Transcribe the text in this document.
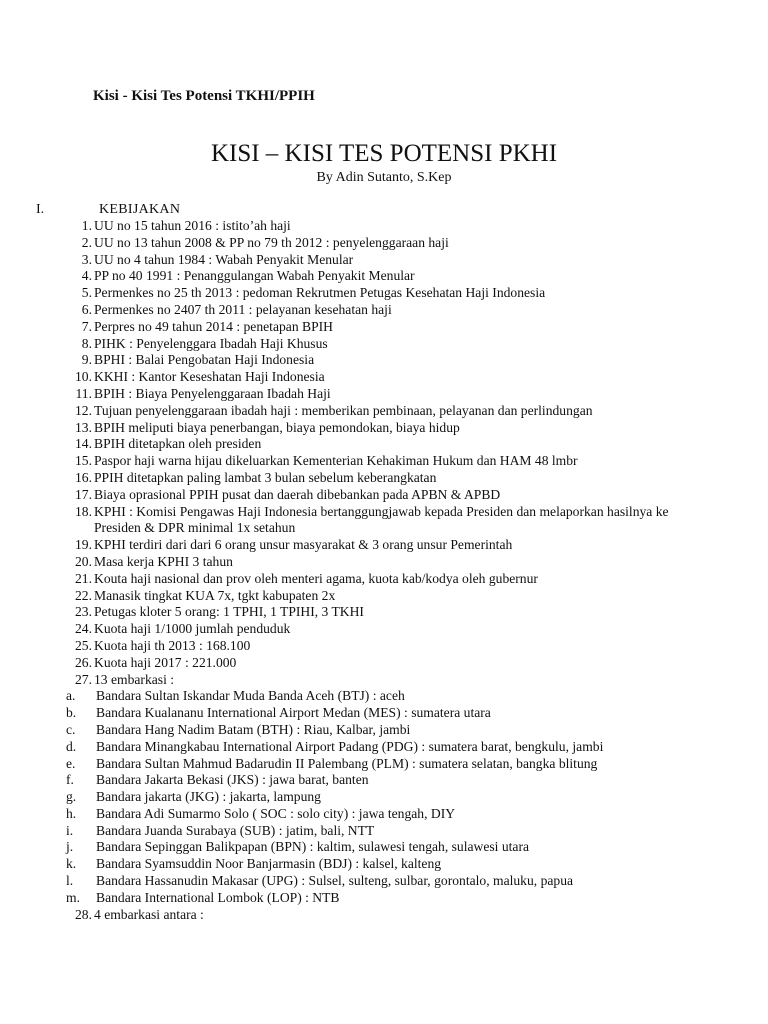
Kisi - Kisi Tes Potensi TKHI/PPIH
KISI – KISI TES POTENSI PKHI
By Adin Sutanto, S.Kep
I.	KEBIJAKAN
1. UU no 15 tahun 2016 : istito’ah haji
2. UU no 13 tahun 2008 & PP no 79 th 2012 : penyelenggaraan haji
3. UU no 4 tahun 1984 : Wabah Penyakit Menular
4. PP no 40 1991 : Penanggulangan Wabah Penyakit Menular
5. Permenkes no 25 th 2013 : pedoman Rekrutmen Petugas Kesehatan Haji Indonesia
6. Permenkes no 2407 th 2011 : pelayanan kesehatan haji
7. Perpres no 49 tahun 2014 : penetapan BPIH
8. PIHK : Penyelenggara Ibadah Haji Khusus
9. BPHI : Balai Pengobatan Haji Indonesia
10. KKHI : Kantor Keseshatan Haji Indonesia
11. BPIH : Biaya Penyelenggaraan Ibadah Haji
12. Tujuan penyelenggaraan ibadah haji : memberikan pembinaan, pelayanan dan perlindungan
13. BPIH meliputi biaya penerbangan, biaya pemondokan, biaya hidup
14. BPIH ditetapkan oleh presiden
15. Paspor haji warna hijau dikeluarkan Kementerian Kehakiman Hukum dan HAM 48 lmbr
16. PPIH ditetapkan paling lambat 3 bulan sebelum keberangkatan
17. Biaya oprasional PPIH pusat dan daerah dibebankan pada APBN & APBD
18. KPHI : Komisi Pengawas Haji Indonesia bertanggungjawab kepada Presiden dan melaporkan hasilnya ke Presiden & DPR minimal 1x setahun
19. KPHI terdiri dari dari 6 orang unsur masyarakat & 3 orang unsur Pemerintah
20. Masa kerja KPHI 3 tahun
21. Kouta haji nasional dan prov oleh menteri agama, kuota kab/kodya oleh gubernur
22. Manasik tingkat KUA 7x, tgkt kabupaten 2x
23. Petugas kloter 5 orang: 1 TPHI, 1 TPIHI, 3 TKHI
24. Kuota haji 1/1000 jumlah penduduk
25. Kuota haji th 2013 : 168.100
26. Kuota haji 2017 : 221.000
27. 13 embarkasi :
a. Bandara Sultan Iskandar Muda Banda Aceh (BTJ) : aceh
b. Bandara Kualananu International Airport Medan (MES) : sumatera utara
c. Bandara Hang Nadim Batam (BTH) : Riau, Kalbar, jambi
d. Bandara Minangkabau International Airport Padang (PDG) : sumatera barat, bengkulu, jambi
e. Bandara Sultan Mahmud Badarudin II Palembang (PLM) : sumatera selatan, bangka blitung
f. Bandara Jakarta Bekasi (JKS) : jawa barat, banten
g. Bandara jakarta (JKG) : jakarta, lampung
h. Bandara Adi Sumarmo Solo ( SOC : solo city) : jawa tengah, DIY
i. Bandara Juanda Surabaya (SUB) : jatim, bali, NTT
j. Bandara Sepinggan Balikpapan (BPN) : kaltim, sulawesi tengah, sulawesi utara
k. Bandara Syamsuddin Noor Banjarmasin (BDJ) : kalsel, kalteng
l. Bandara Hassanudin Makasar (UPG) : Sulsel, sulteng, sulbar, gorontalo, maluku, papua
m. Bandara International Lombok (LOP) : NTB
28. 4 embarkasi antara :
